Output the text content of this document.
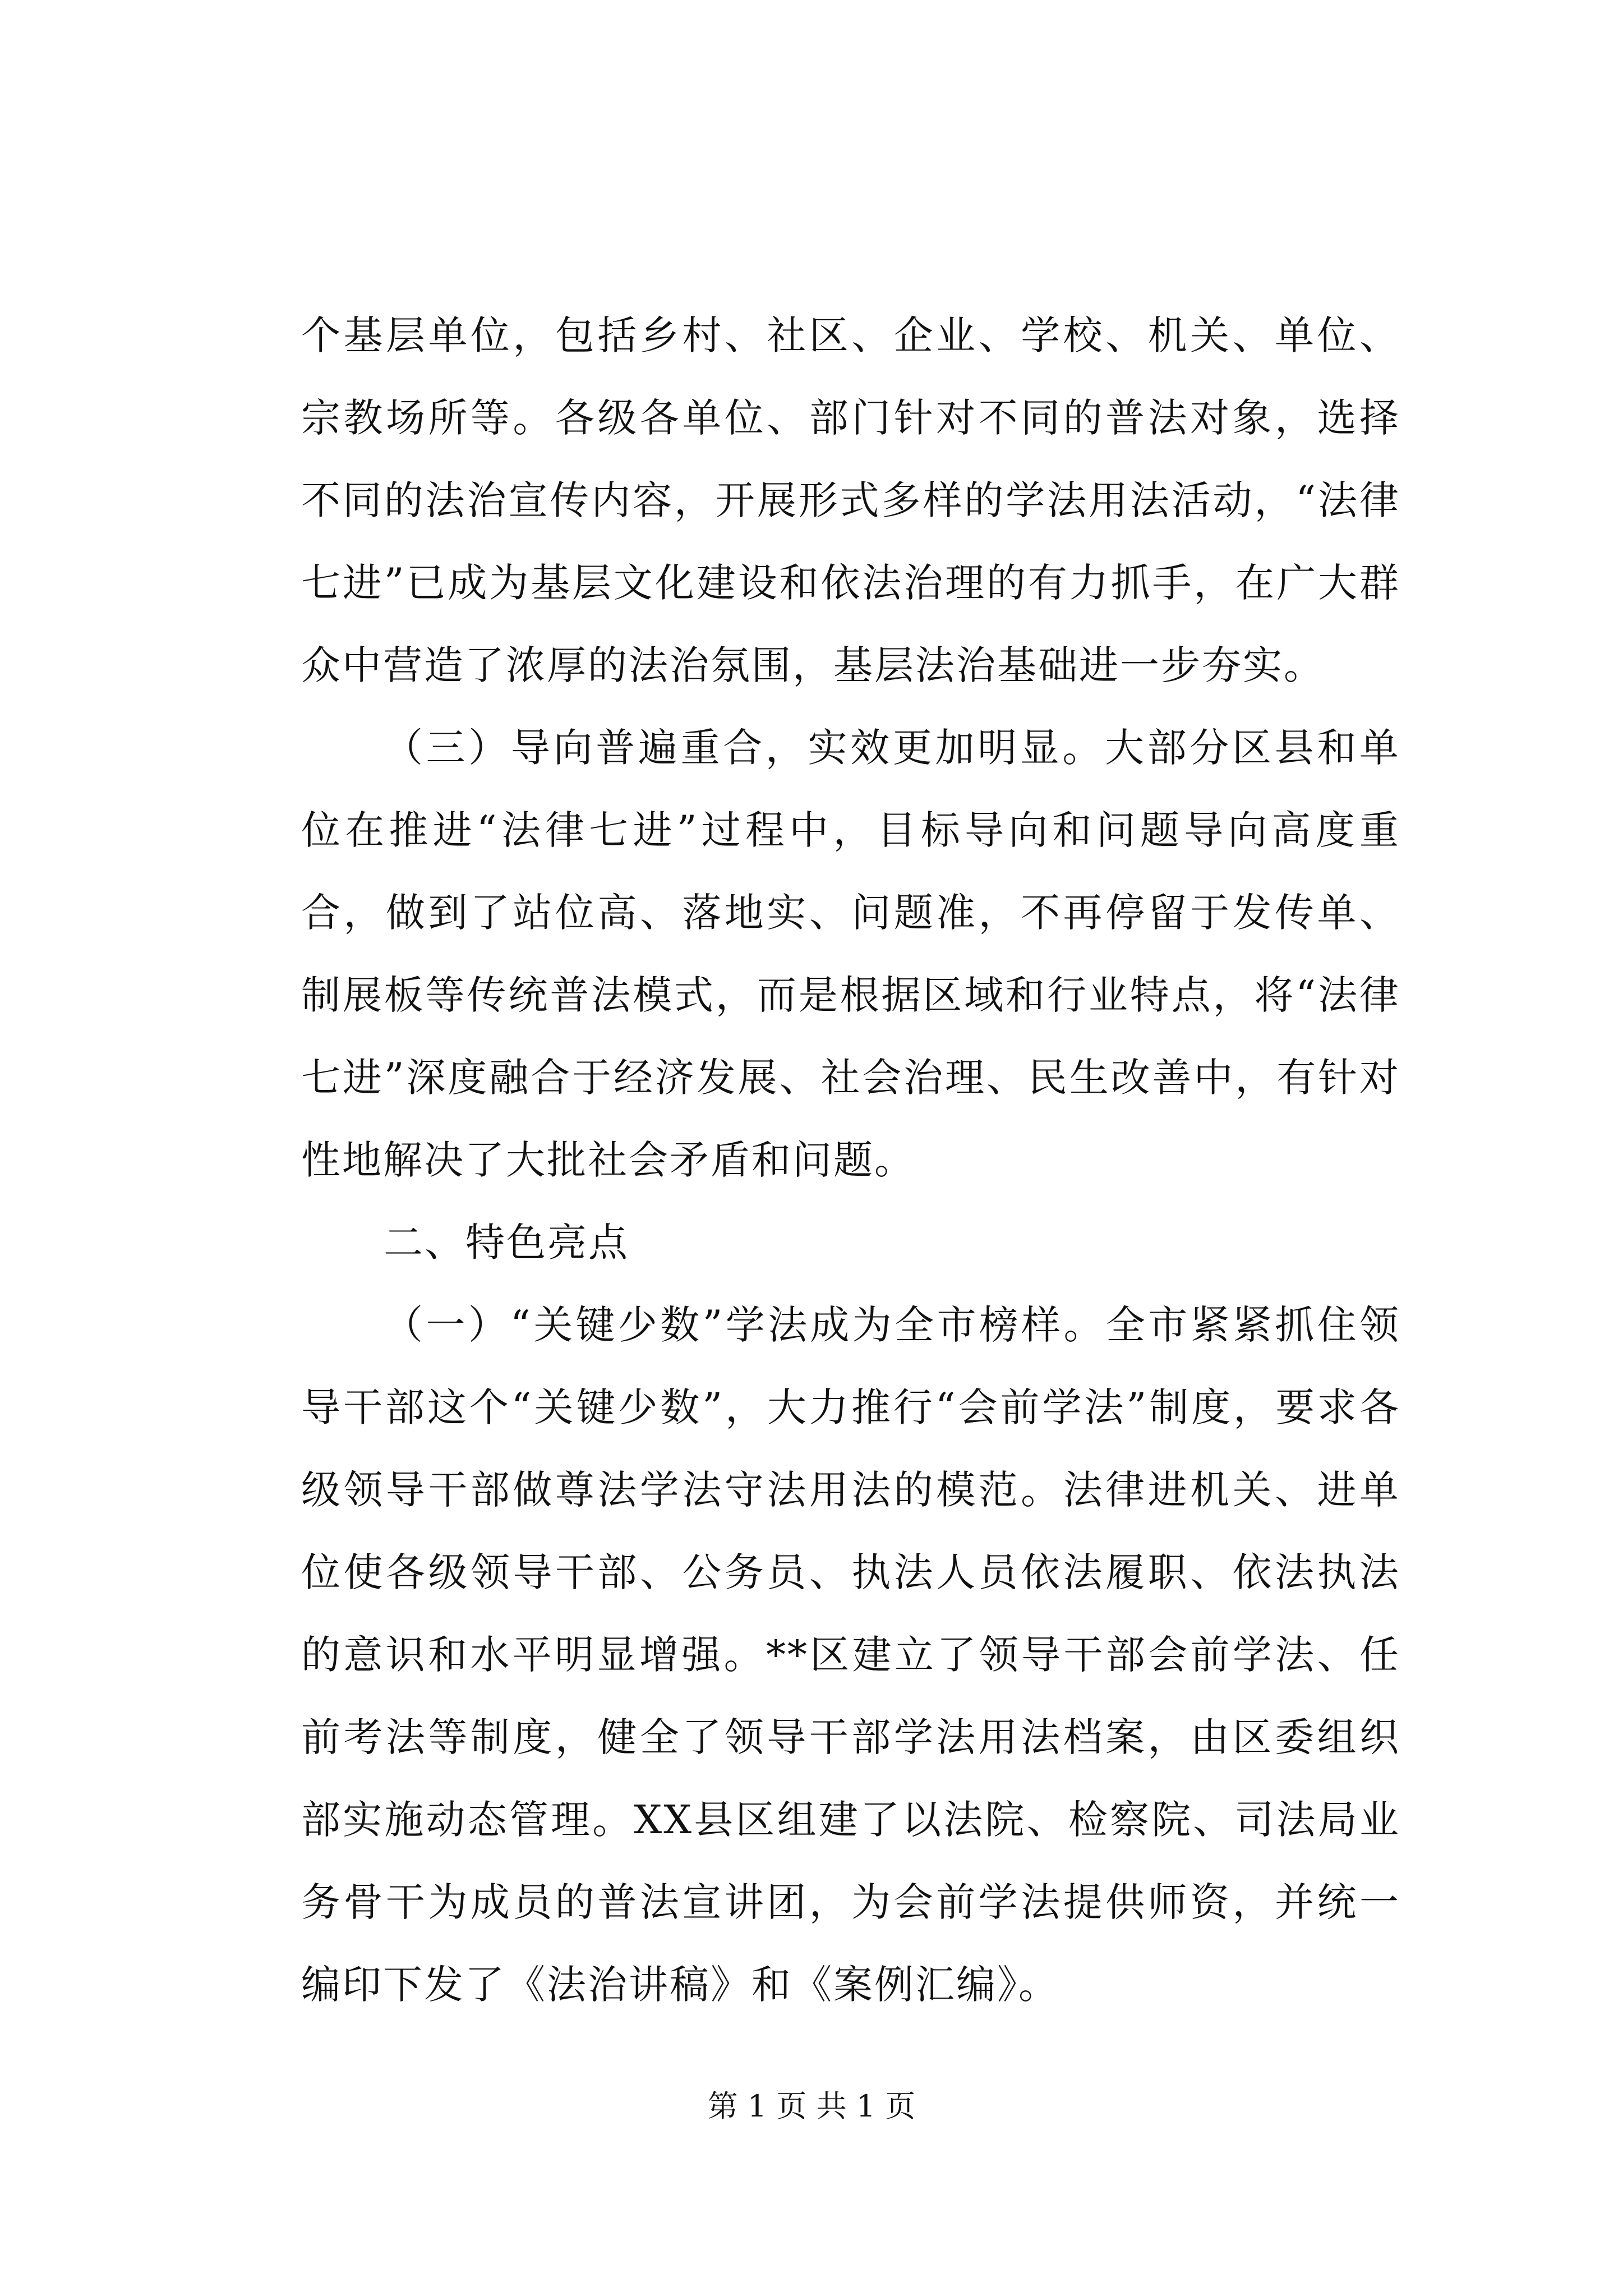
个基层单位，包括乡村、社区、企业、学校、机关、单位、宗教场所等。各级各单位、部门针对不同的普法对象，选择不同的法治宣传内容，开展形式多样的学法用法活动，“法律七进”已成为基层文化建设和依法治理的有力抓手，在广大群众中营造了浓厚的法治氛围，基层法治基础进一步夯实。

（三）导向普遍重合，实效更加明显。大部分区县和单位在推进“法律七进”过程中，目标导向和问题导向高度重合，做到了站位高、落地实、问题准，不再停留于发传单、制展板等传统普法模式，而是根据区域和行业特点，将“法律七进”深度融合于经济发展、社会治理、民生改善中，有针对性地解决了大批社会矛盾和问题。

二、特色亮点

（一）“关键少数”学法成为全市榜样。全市紧紧抓住领导干部这个“关键少数”，大力推行“会前学法”制度，要求各级领导干部做尊法学法守法用法的模范。法律进机关、进单位使各级领导干部、公务员、执法人员依法履职、依法执法的意识和水平明显增强。**区建立了领导干部会前学法、任前考法等制度，健全了领导干部学法用法档案，由区委组织部实施动态管理。XX县区组建了以法院、检察院、司法局业务骨干为成员的普法宣讲团，为会前学法提供师资，并统一编印下发了《法治讲稿》和《案例汇编》。

第 1 页 共 1 页
